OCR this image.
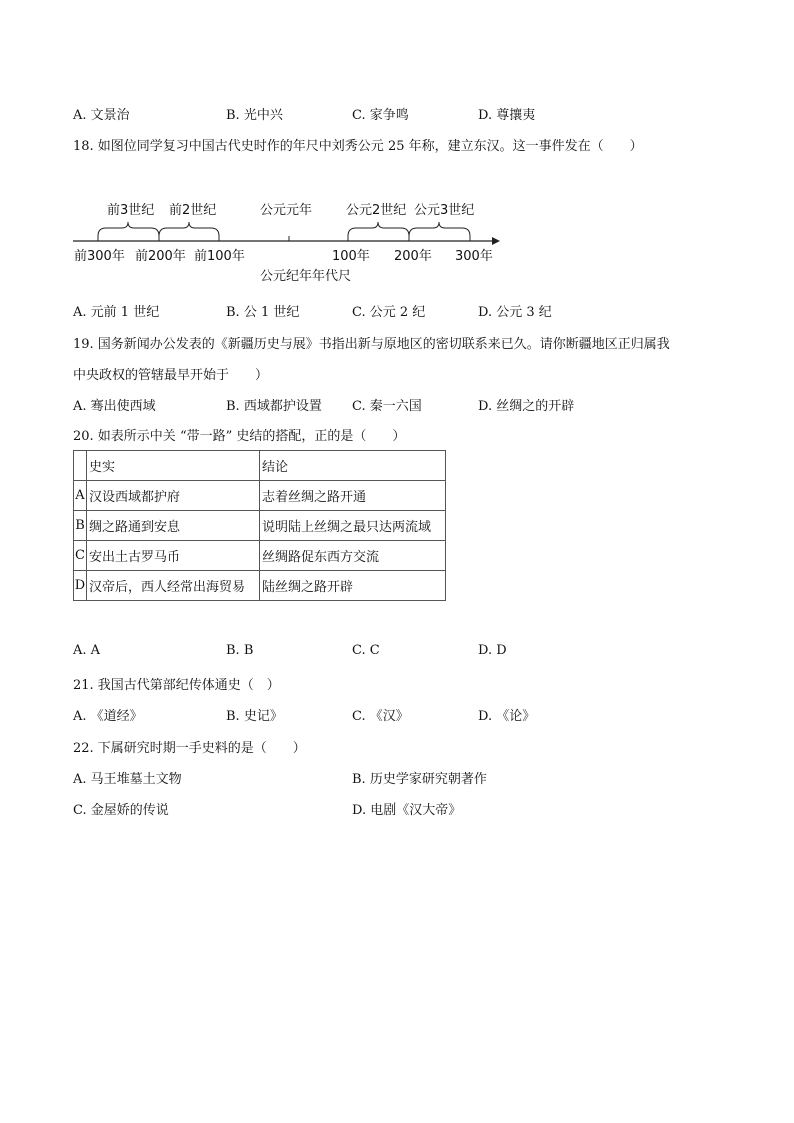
A. 文景治	B. 光中兴	C. 家争鸣	D. 尊攘夷
18. 如图位同学复习中国古代史时作的年尺中刘秀公元 25 年称，建立东汉。这一事件发在（　　）
前3世纪 前2世纪	公元元年	公元2世纪 公元3世纪
前300年 前200年 前100年	100年 200年 300年
公元纪年年代尺
A. 元前 1 世纪	B. 公 1 世纪	C. 公元 2 纪	D. 公元 3 纪
19. 国务新闻办公发表的《新疆历史与展》书指出新与原地区的密切联系来已久。请你断疆地区正归属我
中央政权的管辖最早开始于　　）
A. 骞出使西域	B. 西域都护设置 C. 秦一六国	D. 丝绸之的开辟
20. 如表所示中关 “带一路” 史结的搭配，正的是（　　）
	史实	结论
A	汉设西域都护府	志着丝绸之路开通
B	绸之路通到安息	说明陆上丝绸之最只达两流域
C	安出土古罗马币	丝绸路促东西方交流
D	汉帝后，西人经常出海贸易	陆丝绸之路开辟
A. A	B. B	C. C	D. D
21. 我国古代第部纪传体通史（　）
A. 《道经》	B. 史记》	C. 《汉》	D. 《论》
22. 下属研究时期一手史料的是（　　）
A. 马王堆墓土文物	B. 历史学家研究朝著作
C. 金屋娇的传说	D. 电剧《汉大帝》
